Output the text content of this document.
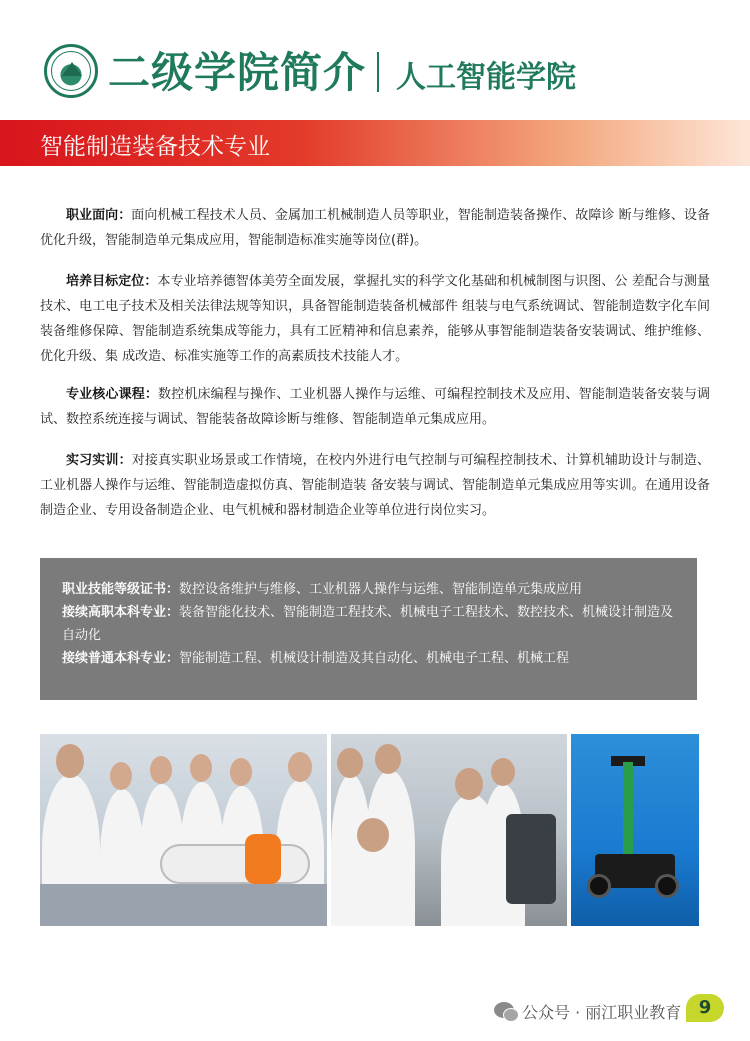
二级学院简介 人工智能学院
智能制造装备技术专业
职业面向：面向机械工程技术人员、金属加工机械制造人员等职业，智能制造装备操作、故障诊 断与维修、设备优化升级，智能制造单元集成应用，智能制造标准实施等岗位(群)。
培养目标定位：本专业培养德智体美劳全面发展，掌握扎实的科学文化基础和机械制图与识图、公 差配合与测量技术、电工电子技术及相关法律法规等知识，具备智能制造装备机械部件 组装与电气系统调试、智能制造数字化车间装备维修保障、智能制造系统集成等能力，具有工匠精神和信息素养，能够从事智能制造装备安装调试、维护维修、优化升级、集 成改造、标准实施等工作的高素质技术技能人才。
专业核心课程：数控机床编程与操作、工业机器人操作与运维、可编程控制技术及应用、智能制造装备安装与调试、数控系统连接与调试、智能装备故障诊断与维修、智能制造单元集成应用。
实习实训：对接真实职业场景或工作情境，在校内外进行电气控制与可编程控制技术、计算机辅助设计与制造、工业机器人操作与运维、智能制造虚拟仿真、智能制造装 备安装与调试、智能制造单元集成应用等实训。在通用设备制造企业、专用设备制造企业、电气机械和器材制造企业等单位进行岗位实习。
职业技能等级证书：数控设备维护与维修、工业机器人操作与运维、智能制造单元集成应用
接续高职本科专业：装备智能化技术、智能制造工程技术、机械电子工程技术、数控技术、机械设计制造及自动化
接续普通本科专业：智能制造工程、机械设计制造及其自动化、机械电子工程、机械工程
公众号 · 丽江职业教育 9
